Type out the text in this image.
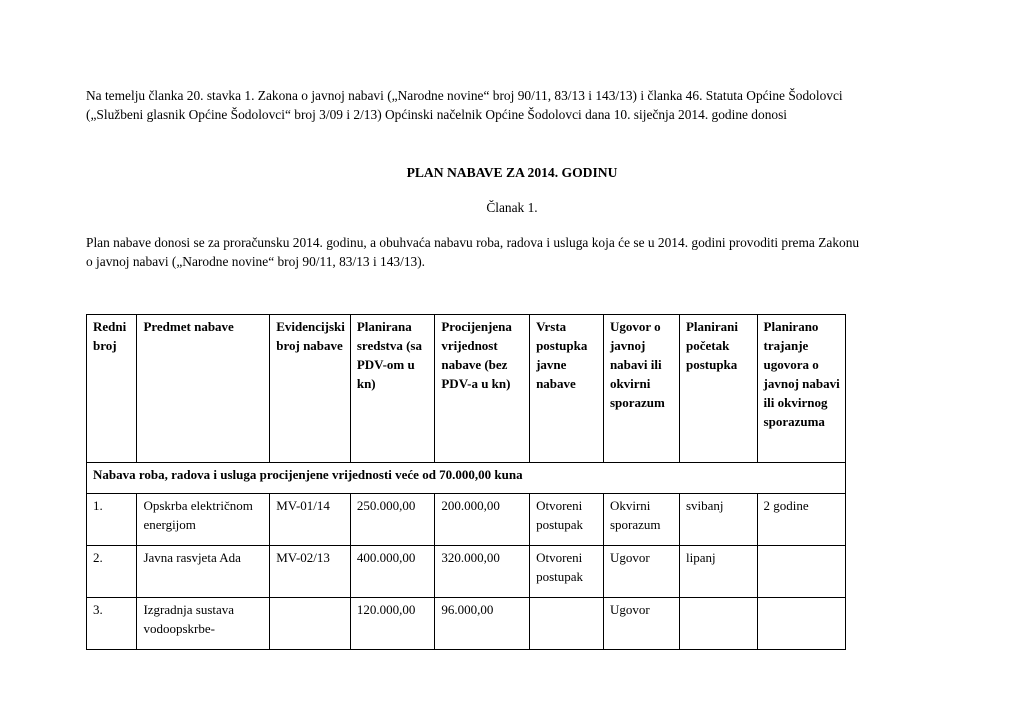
Na temelju članka 20. stavka 1. Zakona o javnoj nabavi („Narodne novine“ broj 90/11, 83/13 i 143/13) i članka 46. Statuta Općine Šodolovci

(„Službeni glasnik Općine Šodolovci“ broj 3/09 i 2/13) Općinski načelnik Općine Šodolovci dana 10. siječnja 2014. godine donosi

PLAN NABAVE ZA 2014. GODINU
Članak 1.

Plan nabave donosi se za proračunsku 2014. godinu, a obuhvaća nabavu roba, radova i usluga koja će se u 2014. godini provoditi prema Zakonu

o javnoj nabavi („Narodne novine“ broj 90/11, 83/13 i 143/13).

Redni broj	Predmet nabave	Evidencijski broj nabave	Planirana sredstva (sa PDV-om u kn)	Procijenjena vrijednost nabave (bez PDV-a u kn)	Vrsta postupka javne nabave	Ugovor o javnoj nabavi ili okvirni sporazum	Planirani početak postupka	Planirano trajanje ugovora o javnoj nabavi ili okvirnog sporazuma
Nabava roba, radova i usluga procijenjene vrijednosti veće od 70.000,00 kuna								
1.	Opskrba električnom energijom	MV-01/14	250.000,00	200.000,00	Otvoreni postupak	Okvirni sporazum	svibanj	2 godine
2.	Javna rasvjeta Ada	MV-02/13	400.000,00	320.000,00	Otvoreni postupak	Ugovor	lipanj	
3.	Izgradnja sustava vodoopskrbe-		120.000,00	96.000,00		Ugovor		
